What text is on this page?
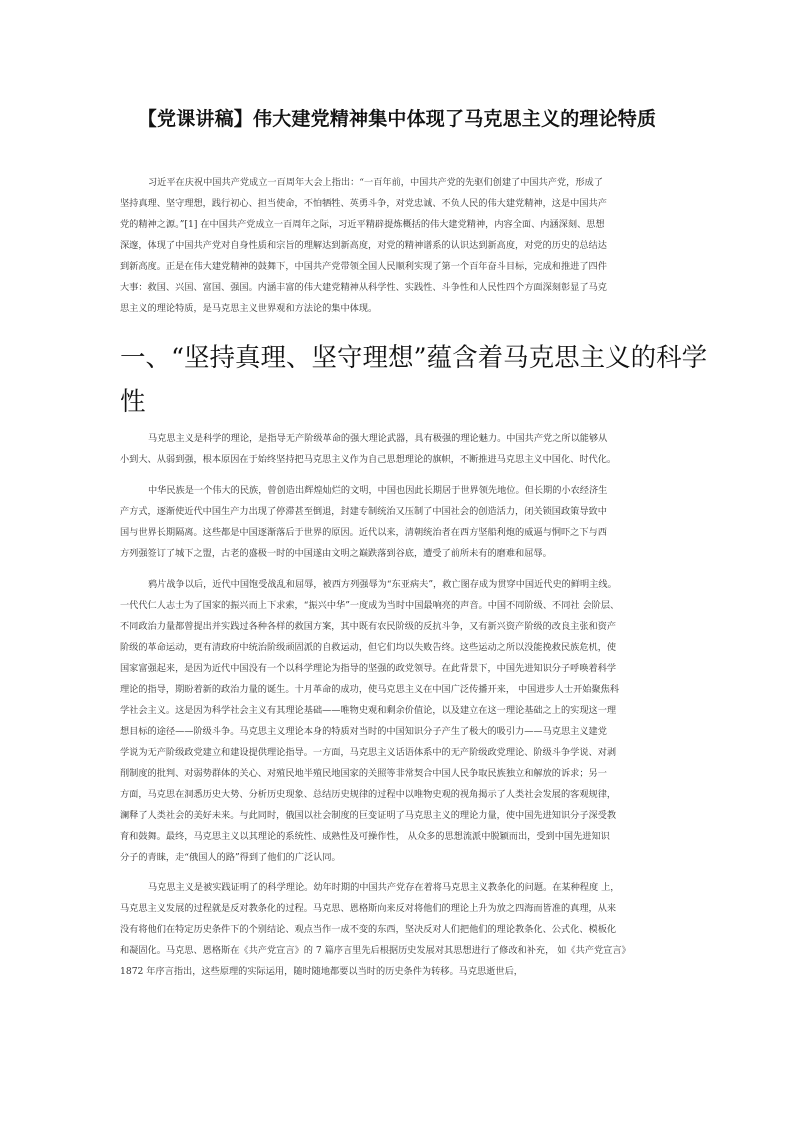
【党课讲稿】伟大建党精神集中体现了马克思主义的理论特质
习近平在庆祝中国共产党成立一百周年大会上指出：“一百年前，中国共产党的先驱们创建了中国共产党，形成了
坚持真理、坚守理想，践行初心、担当使命，不怕牺牲、英勇斗争，对党忠诚、不负人民的伟大建党精神，这是中国共产
党的精神之源。”[1] 在中国共产党成立一百周年之际，习近平精辟提炼概括的伟大建党精神，内容全面、内涵深刻、思想
深邃，体现了中国共产党对自身性质和宗旨的理解达到新高度，对党的精神谱系的认识达到新高度，对党的历史的总结达
到新高度。正是在伟大建党精神的鼓舞下，中国共产党带领全国人民顺利实现了第一个百年奋斗目标，完成和推进了四件
大事：救国、兴国、富国、强国。内涵丰富的伟大建党精神从科学性、实践性、斗争性和人民性四个方面深刻彰显了马克
思主义的理论特质，是马克思主义世界观和方法论的集中体现。
一、“坚持真理、坚守理想”蕴含着马克思主义的科学
性
马克思主义是科学的理论，是指导无产阶级革命的强大理论武器，具有极强的理论魅力。中国共产党之所以能够从
小到大、从弱到强，根本原因在于始终坚持把马克思主义作为自己思想理论的旗帜，不断推进马克思主义中国化、时代化。
中华民族是一个伟大的民族，曾创造出辉煌灿烂的文明，中国也因此长期居于世界领先地位。但长期的小农经济生
产方式，逐渐使近代中国生产力出现了停滞甚至倒退，封建专制统治又压制了中国社会的创造活力，闭关锁国政策导致中
国与世界长期隔离。这些都是中国逐渐落后于世界的原因。近代以来，清朝统治者在西方坚船利炮的威逼与恫吓之下与西
方列强签订了城下之盟，古老的盛极一时的中国遂由文明之巅跌落到谷底，遭受了前所未有的磨难和屈辱。
鸦片战争以后，近代中国饱受战乱和屈辱，被西方列强辱为“东亚病夫”，救亡图存成为贯穿中国近代史的鲜明主线。
一代代仁人志士为了国家的振兴而上下求索，“振兴中华”一度成为当时中国最响亮的声音。中国不同阶级、不同社 会阶层、
不同政治力量都曾提出并实践过各种各样的救国方案，其中既有农民阶级的反抗斗争，又有新兴资产阶级的改良主张和资产
阶级的革命运动，更有清政府中统治阶级顽固派的自救运动，但它们均以失败告终。这些运动之所以没能挽救民族危机，使
国家富强起来，是因为近代中国没有一个以科学理论为指导的坚强的政党领导。在此背景下，中国先进知识分子呼唤着科学
理论的指导，期盼着新的政治力量的诞生。十月革命的成功，使马克思主义在中国广泛传播开来， 中国进步人士开始聚焦科
学社会主义。这是因为科学社会主义有其理论基础——唯物史观和剩余价值论，以及建立在这一理论基础之上的实现这一理
想目标的途径——阶级斗争。马克思主义理论本身的特质对当时的中国知识分子产生了极大的吸引力——马克思主义建党
学说为无产阶级政党建立和建设提供理论指导。一方面，马克思主义话语体系中的无产阶级政党理论、阶级斗争学说、对剥
削制度的批判、对弱势群体的关心、对殖民地半殖民地国家的关照等非常契合中国人民争取民族独立和解放的诉求；另一
方面，马克思在洞悉历史大势、分析历史现象、总结历史规律的过程中以唯物史观的视角揭示了人类社会发展的客观规律，
澜释了人类社会的美好未来。与此同时，俄国以社会制度的巨变证明了马克思主义的理论力量，使中国先进知识分子深受教
育和鼓舞。最终，马克思主义以其理论的系统性、成熟性及可操作性， 从众多的思想流派中脱颖而出，受到中国先进知识
分子的青睐，走“俄国人的路”得到了他们的广泛认同。
马克思主义是被实践证明了的科学理论。幼年时期的中国共产党存在着将马克思主义教条化的问题。在某种程度 上，
马克思主义发展的过程就是反对教条化的过程。马克思、恩格斯向来反对将他们的理论上升为放之四海而皆准的真理，从来
没有将他们在特定历史条件下的个别结论、观点当作一成不变的东西，坚决反对人们把他们的理论教条化、公式化、模板化
和凝固化。马克思、恩格斯在《共产党宣言》的 7 篇序言里先后根据历史发展对其思想进行了修改和补充， 如《共产党宣言》
1872 年序言指出，这些原理的实际运用，随时随地都要以当时的历史条件为转移。马克思逝世后，
